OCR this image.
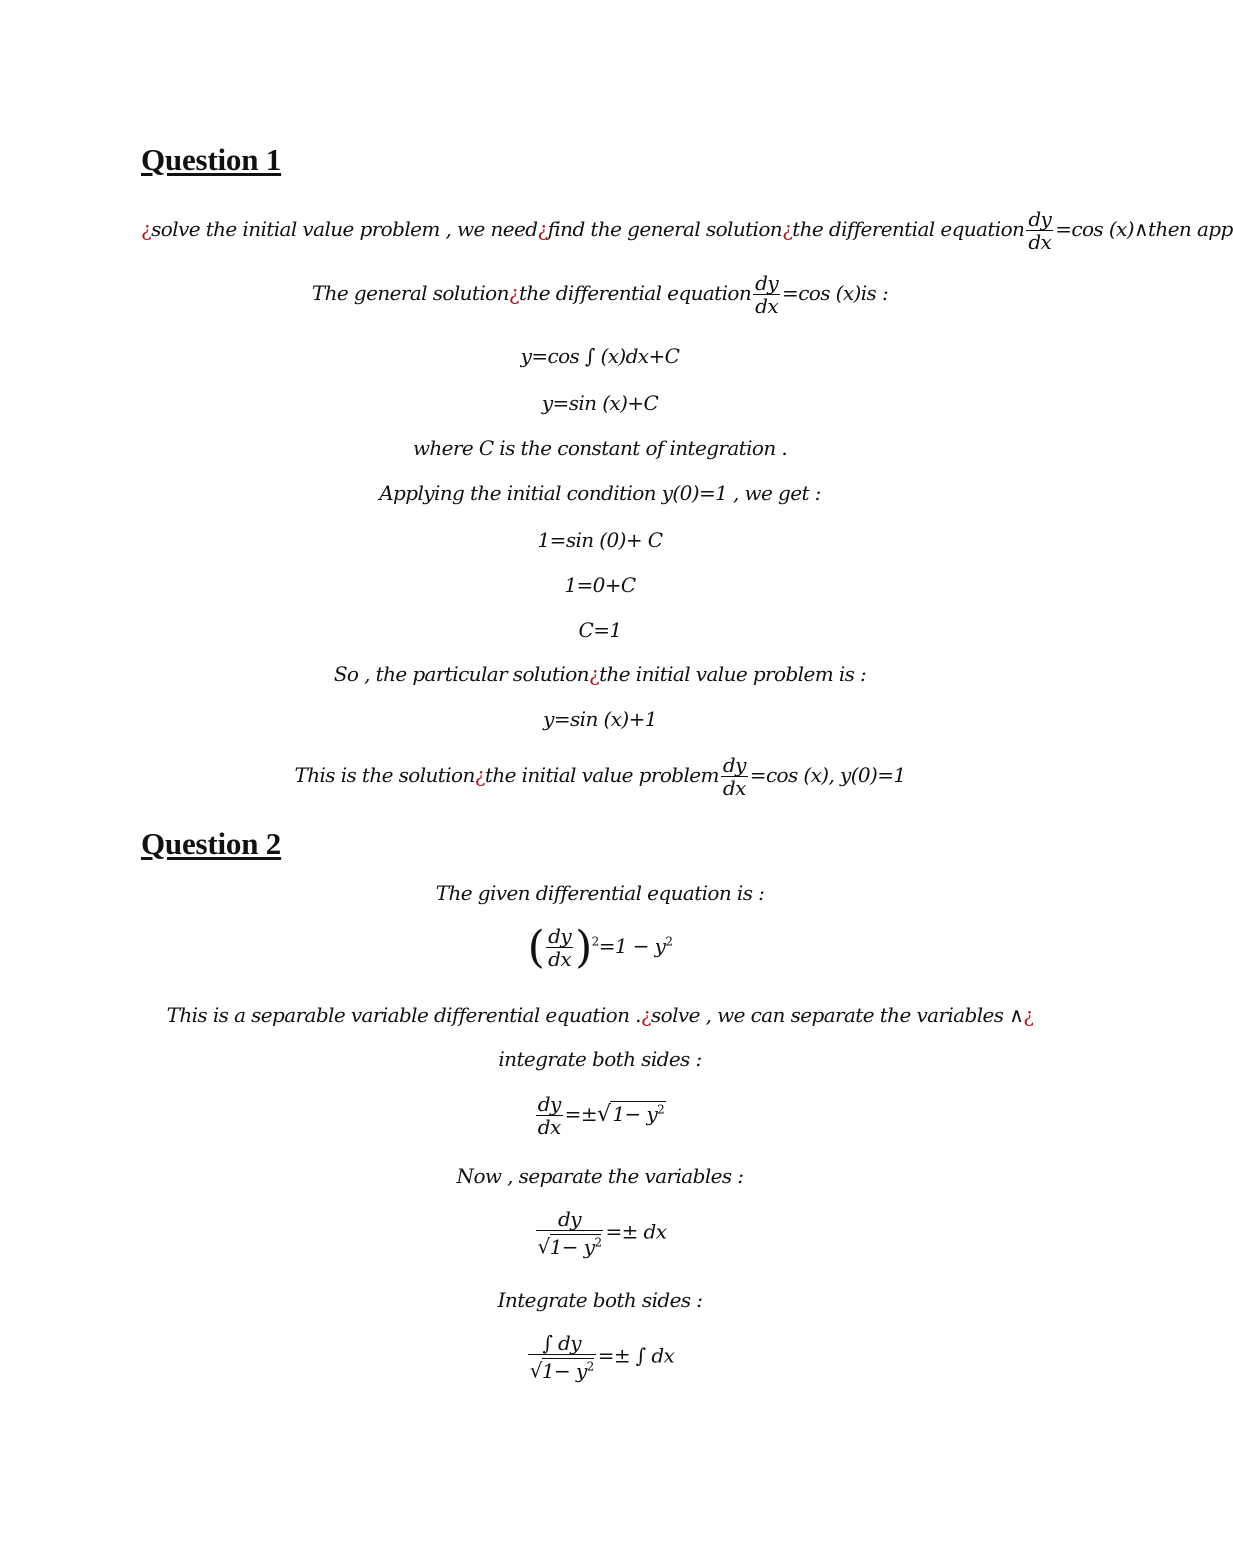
Question 1
¿solve the initial value problem , we need¿find the general solution¿the differential equation $\frac{dy}{dx} =\cos$ (x)∧then app
The general solution¿the differential equation $\frac{dy}{dx} =\cos$ (x)is :
y=cos ∫ (x)dx+C
y=sin (x)+C
where C is the constant of integration .
Applying the initial condition y(0)=1 , we get :
1=sin (0)+ C
1=0+C
C=1
So , the particular solution¿the initial value problem is :
y=sin (x)+1
This is the solution¿the initial value problem $\frac{dy}{dx} =\cos$ (x), y(0)=1
Question 2
The given differential equation is :
( $\frac{dy}{dx} )^2=1 - y^2$
This is a separable variable differential equation .¿solve , we can separate the variables ∧¿
integrate both sides :
$\frac{dy}{dx}$ =±√ $1- y^2$
Now , separate the variables :
$\frac{dy}{√1- y^2}$ =± dx
Integrate both sides :
$\frac{\int dy}{√1- y^2}$ =± ∫ dx
